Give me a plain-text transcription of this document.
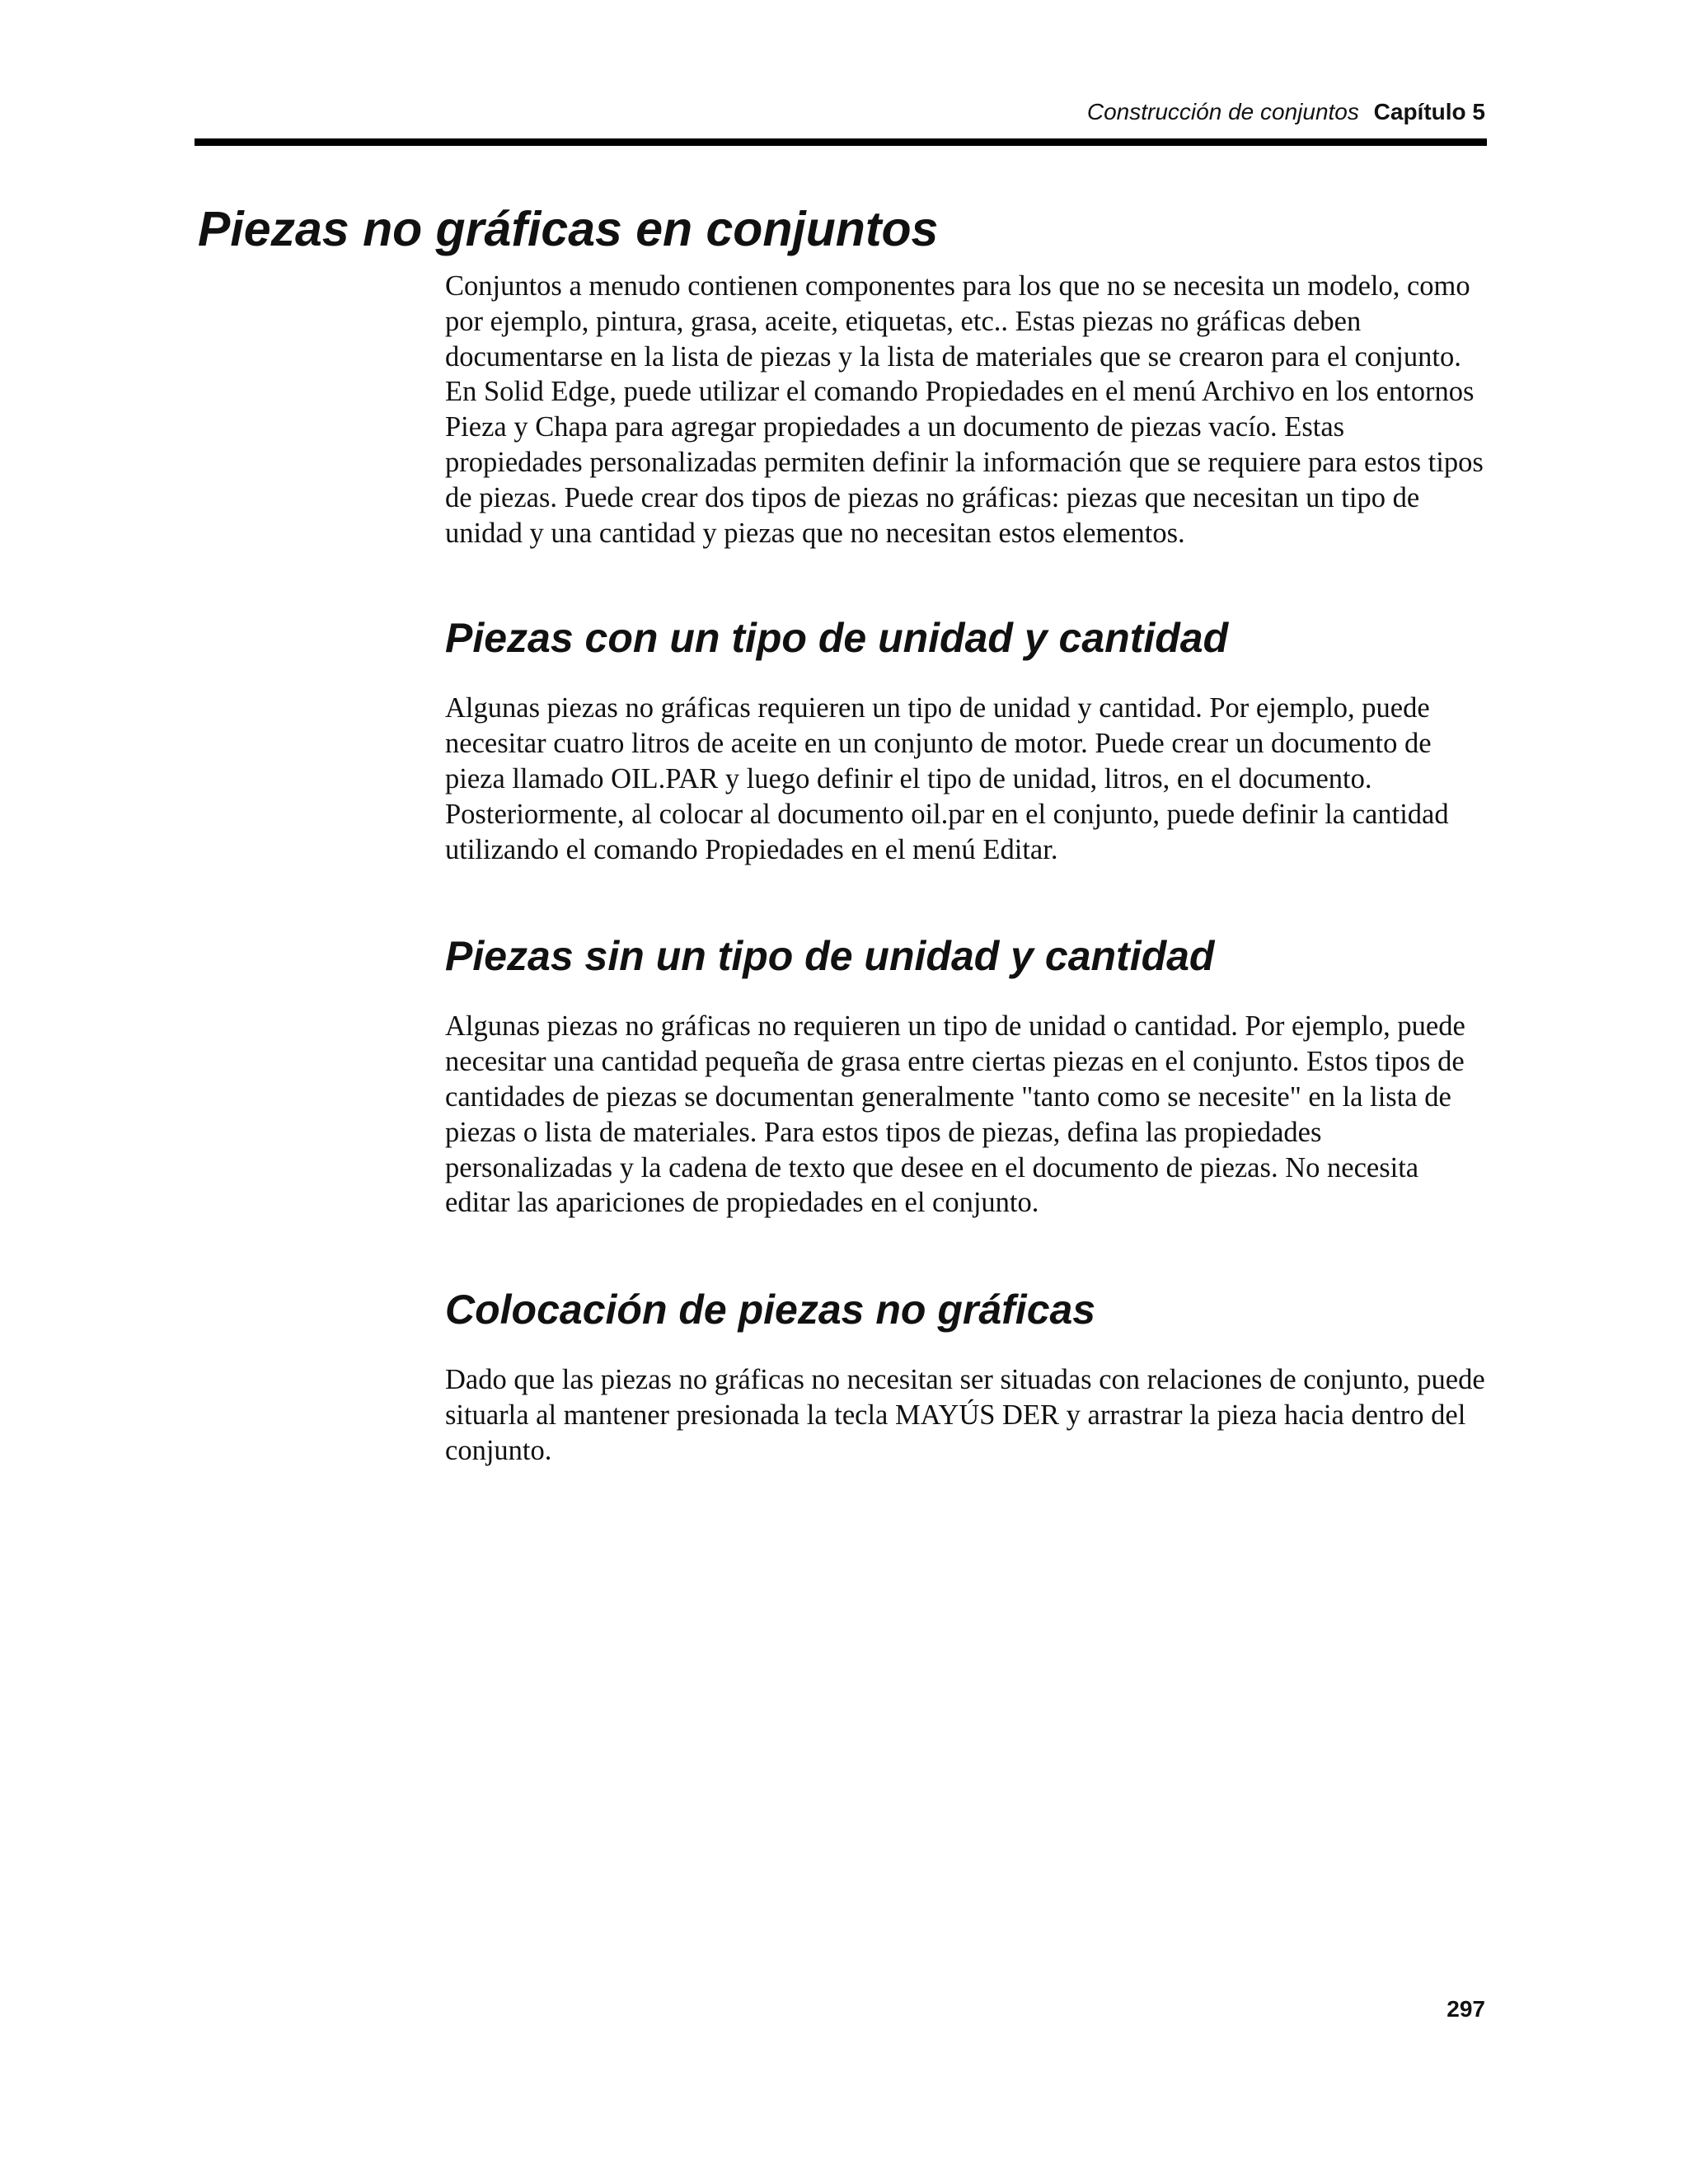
Construcción de conjuntos Capítulo 5
Piezas no gráficas en conjuntos

Conjuntos a menudo contienen componentes para los que no se necesita un modelo, como por ejemplo, pintura, grasa, aceite, etiquetas, etc.. Estas piezas no gráficas deben documentarse en la lista de piezas y la lista de materiales que se crearon para el conjunto. En Solid Edge, puede utilizar el comando Propiedades en el menú Archivo en los entornos Pieza y Chapa para agregar propiedades a un documento de piezas vacío. Estas propiedades personalizadas permiten definir la información que se requiere para estos tipos de piezas. Puede crear dos tipos de piezas no gráficas: piezas que necesitan un tipo de unidad y una cantidad y piezas que no necesitan estos elementos.

Piezas con un tipo de unidad y cantidad

Algunas piezas no gráficas requieren un tipo de unidad y cantidad. Por ejemplo, puede necesitar cuatro litros de aceite en un conjunto de motor. Puede crear un documento de pieza llamado OIL.PAR y luego definir el tipo de unidad, litros, en el documento. Posteriormente, al colocar al documento oil.par en el conjunto, puede definir la cantidad utilizando el comando Propiedades en el menú Editar.

Piezas sin un tipo de unidad y cantidad

Algunas piezas no gráficas no requieren un tipo de unidad o cantidad. Por ejemplo, puede necesitar una cantidad pequeña de grasa entre ciertas piezas en el conjunto. Estos tipos de cantidades de piezas se documentan generalmente "tanto como se necesite" en la lista de piezas o lista de materiales. Para estos tipos de piezas, defina las propiedades personalizadas y la cadena de texto que desee en el documento de piezas. No necesita editar las apariciones de propiedades en el conjunto.

Colocación de piezas no gráficas

Dado que las piezas no gráficas no necesitan ser situadas con relaciones de conjunto, puede situarla al mantener presionada la tecla MAYÚS DER y arrastrar la pieza hacia dentro del conjunto.

297
